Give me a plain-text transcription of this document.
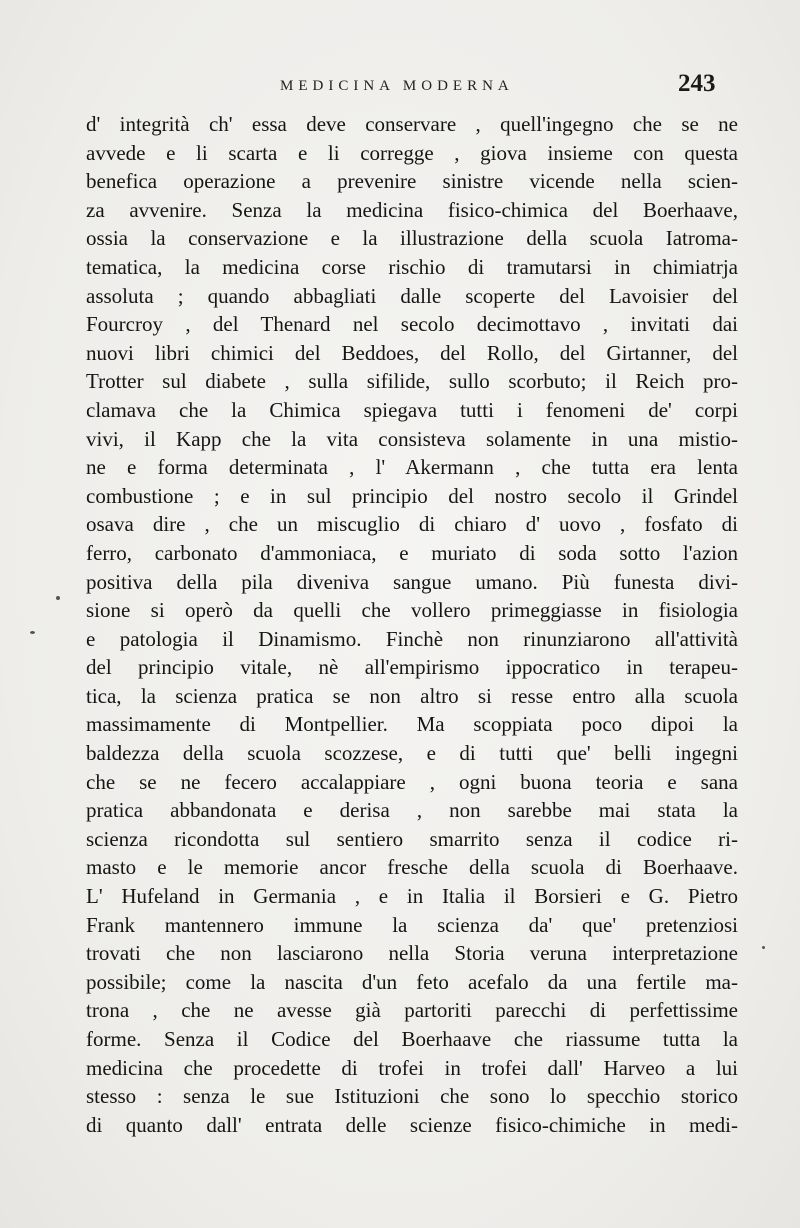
MEDICINA MODERNA	243
d' integrità ch' essa deve conservare , quell'ingegno che se ne
avvede e li scarta e li corregge , giova insieme con questa
benefica operazione a prevenire sinistre vicende nella scien-
za avvenire. Senza la medicina fisico-chimica del Boerhaave,
ossia la conservazione e la illustrazione della scuola Iatroma-
tematica, la medicina corse rischio di tramutarsi in chimiatrja
assoluta ; quando abbagliati dalle scoperte del Lavoisier del
Fourcroy , del Thenard nel secolo decimottavo , invitati dai
nuovi libri chimici del Beddoes, del Rollo, del Girtanner, del
Trotter sul diabete , sulla sifilide, sullo scorbuto; il Reich pro-
clamava che la Chimica spiegava tutti i fenomeni de' corpi
vivi, il Kapp che la vita consisteva solamente in una mistio-
ne e forma determinata , l' Akermann , che tutta era lenta
combustione ; e in sul principio del nostro secolo il Grindel
osava dire , che un miscuglio di chiaro d' uovo , fosfato di
ferro, carbonato d'ammoniaca, e muriato di soda sotto l'azion
positiva della pila diveniva sangue umano. Più funesta divi-
sione si operò da quelli che vollero primeggiasse in fisiologia
e patologia il Dinamismo. Finchè non rinunziarono all'attività
del principio vitale, nè all'empirismo ippocratico in terapeu-
tica, la scienza pratica se non altro si resse entro alla scuola
massimamente di Montpellier. Ma scoppiata poco dipoi la
baldezza della scuola scozzese, e di tutti que' belli ingegni
che se ne fecero accalappiare , ogni buona teoria e sana
pratica abbandonata e derisa , non sarebbe mai stata la
scienza ricondotta sul sentiero smarrito senza il codice ri-
masto e le memorie ancor fresche della scuola di Boerhaave.
L' Hufeland in Germania , e in Italia il Borsieri e G. Pietro
Frank mantennero immune la scienza da' que' pretenziosi
trovati che non lasciarono nella Storia veruna interpretazione
possibile; come la nascita d'un feto acefalo da una fertile ma-
trona , che ne avesse già partoriti parecchi di perfettissime
forme. Senza il Codice del Boerhaave che riassume tutta la
medicina che procedette di trofei in trofei dall' Harveo a lui
stesso : senza le sue Istituzioni che sono lo specchio storico
di quanto dall' entrata delle scienze fisico-chimiche in medi-
